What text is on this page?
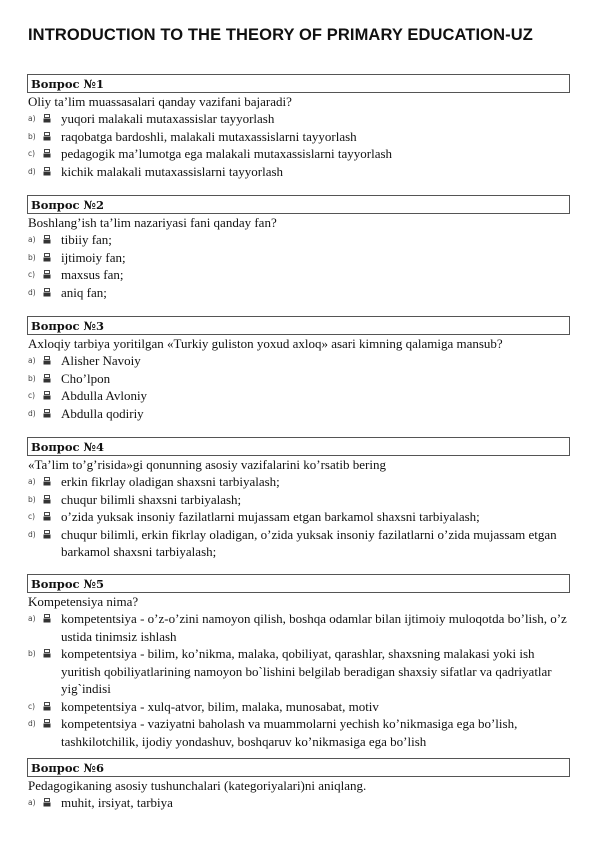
INTRODUCTION TO THE THEORY OF PRIMARY EDUCATION-UZ
Вопрос №1
Oliy ta’lim muassasalari qanday vazifani bajaradi?
a) yuqori malakali mutaxassislar tayyorlash
b) raqobatga bardoshli, malakali mutaxassislarni tayyorlash
c) pedagogik ma’lumotga ega malakali mutaxassislarni tayyorlash
d) kichik malakali mutaxassislarni tayyorlash
Вопрос №2
Boshlang’ish ta’lim nazariyasi fani qanday fan?
a) tibiiy fan;
b) ijtimoiy fan;
c) maxsus fan;
d) aniq fan;
Вопрос №3
Axloqiy tarbiya yoritilgan «Turkiy guliston yoxud axloq» asari kimning qalamiga mansub?
a) Alisher Navoiy
b) Cho’lpon
c) Abdulla Avloniy
d) Abdulla qodiriy
Вопрос №4
«Ta’lim to’g’risida»gi qonunning asosiy vazifalarini ko’rsatib bering
a) erkin fikrlay oladigan shaxsni tarbiyalash;
b) chuqur bilimli shaxsni tarbiyalash;
c) o’zida yuksak insoniy fazilatlarni mujassam etgan barkamol shaxsni tarbiyalash;
d) chuqur bilimli, erkin fikrlay oladigan, o’zida yuksak insoniy fazilatlarni o’zida mujassam etgan barkamol shaxsni tarbiyalash;
Вопрос №5
Kompetensiya nima?
a) kompetentsiya - o’z-o’zini namoyon qilish, boshqa odamlar bilan ijtimoiy muloqotda bo’lish, o’z ustida tinimsiz ishlash
b) kompetentsiya - bilim, ko’nikma, malaka, qobiliyat, qarashlar, shaxsning malakasi yoki ish yuritish qobiliyatlarining namoyon bo`lishini belgilab beradigan shaxsiy sifatlar va qadriyatlar yig`indisi
c) kompetentsiya - xulq-atvor, bilim, malaka, munosabat, motiv
d) kompetentsiya - vaziyatni baholash va muammolarni yechish ko’nikmasiga ega bo’lish, tashkilotchilik, ijodiy yondashuv, boshqaruv ko’nikmasiga ega bo’lish
Вопрос №6
Pedagogikaning asosiy tushunchalari (kategoriyalari)ni aniqlang.
a) muhit, irsiyat, tarbiya
